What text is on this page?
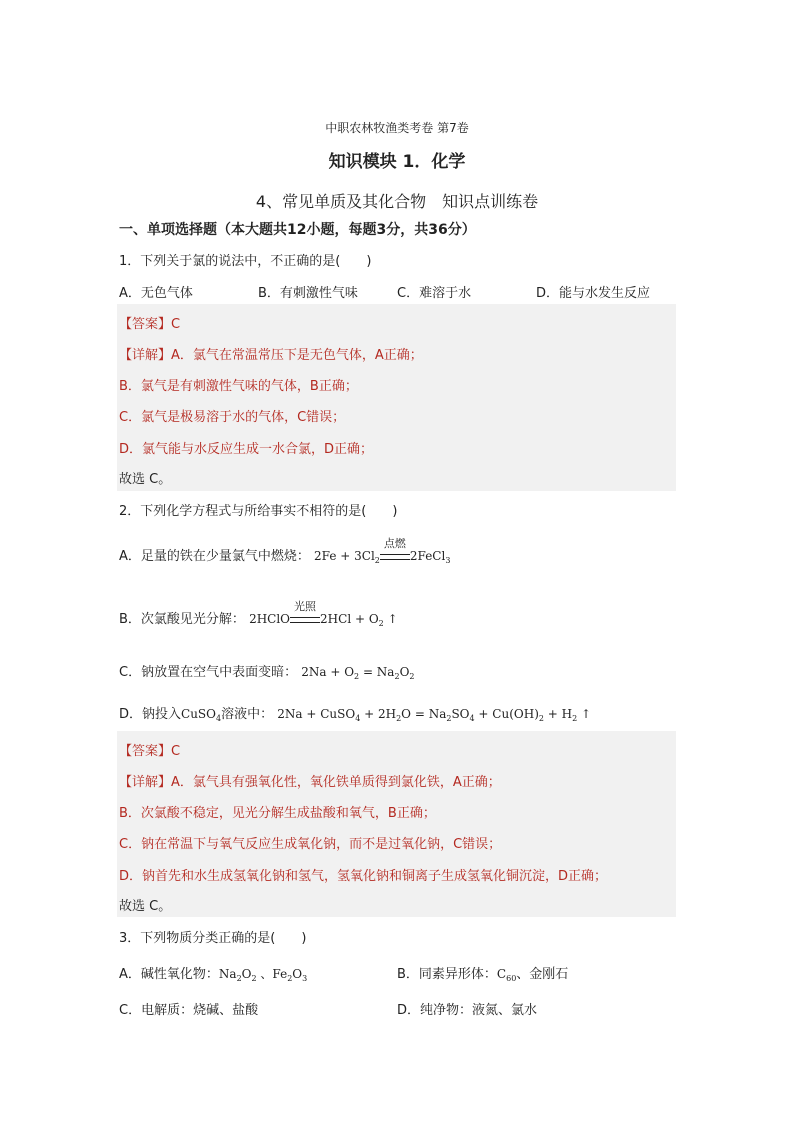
中职农林牧渔类考卷 第7卷
知识模块 1．化学
4、常见单质及其化合物　知识点训练卷
一、单项选择题（本大题共12小题，每题3分，共36分）
1．下列关于氯的说法中，不正确的是(　　)
A．无色气体	B．有刺激性气味	C．难溶于水	D．能与水发生反应
【答案】C
【详解】A．氯气在常温常压下是无色气体，A正确；
B．氯气是有刺激性气味的气体，B正确；
C．氯气是极易溶于水的气体，C错误；
D．氯气能与水反应生成一水合氯，D正确；
故选 C。
2．下列化学方程式与所给事实不相符的是(　　)
A．足量的铁在少量氯气中燃烧： $2Fe + 3Cl_2$
点燃
2FeCl$_3$
B．次氯酸见光分解： 2HClO
光照
$2HCl + O_2$ ↑
C．钠放置在空气中表面变暗： $2Na + O_2 = Na_2O_2$
D．钠投入CuSO$_4$溶液中： 2Na + CuSO$_4$ + $2H_2O = Na_2SO_4 + Cu(OH)_2 + H_2$ ↑
【答案】C
【详解】A．氯气具有强氧化性，氧化铁单质得到氯化铁，A正确；
B．次氯酸不稳定，见光分解生成盐酸和氧气，B正确；
C．钠在常温下与氧气反应生成氧化钠，而不是过氧化钠，C错误；
D．钠首先和水生成氢氧化钠和氢气，氢氧化钠和铜离子生成氢氧化铜沉淀，D正确；
故选 C。
3．下列物质分类正确的是(　　)
A．碱性氧化物：$Na_2O_2$ 、$Fe_2O_3$	B．同素异形体：$C_{60}$、金刚石
C．电解质：烧碱、盐酸	D．纯净物：液氮、氯水
